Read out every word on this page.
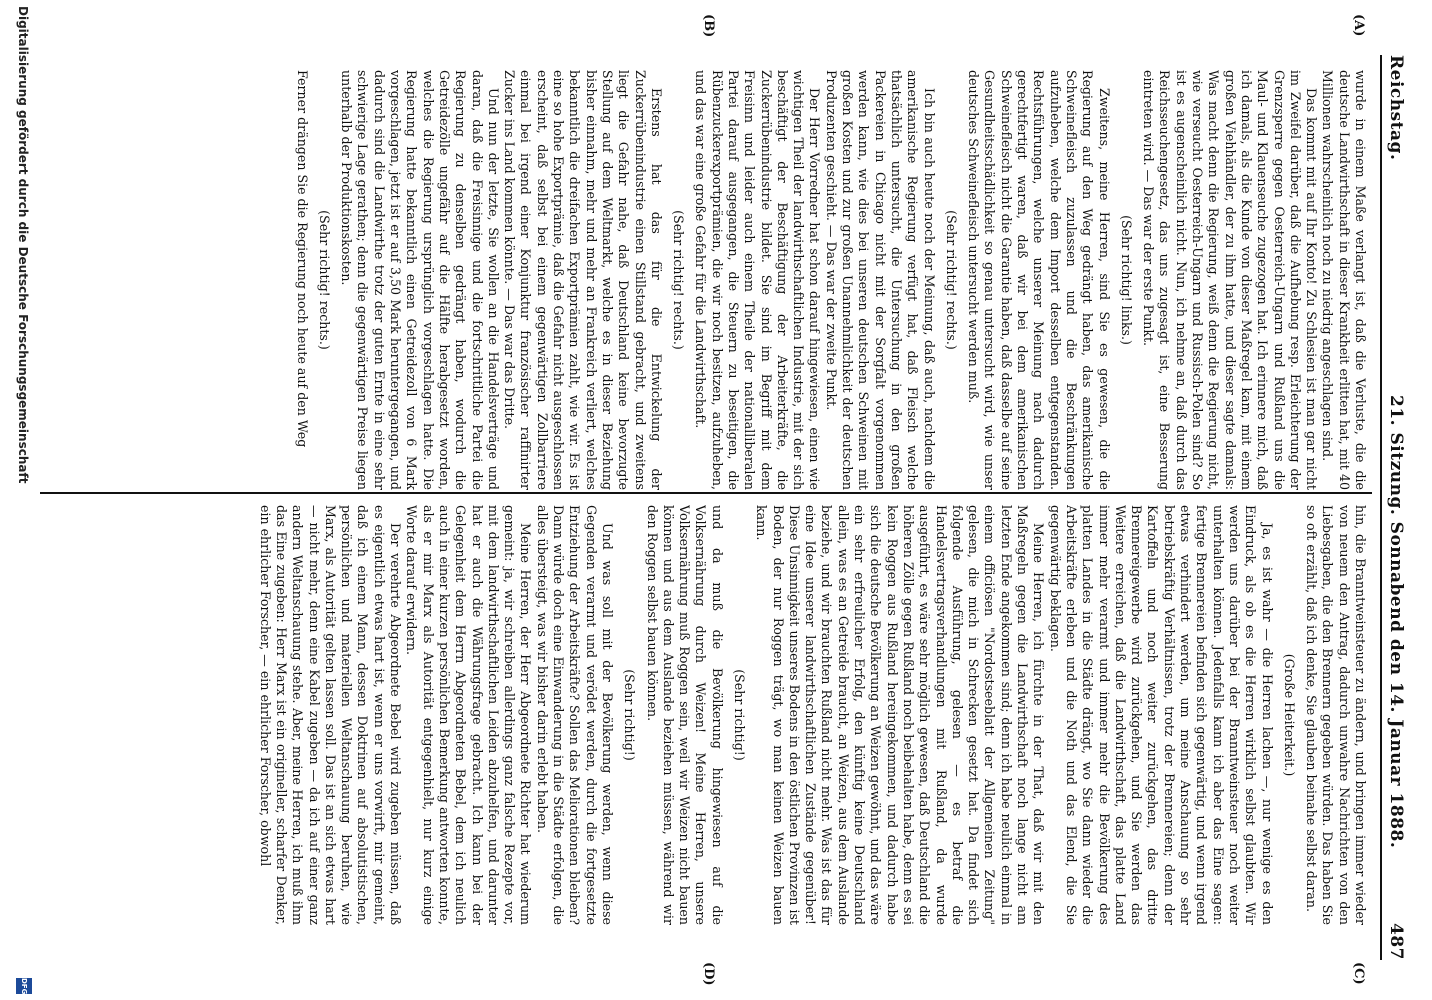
Reichstag.
21. Sitzung. Sonnabend den 14. Januar 1888.
487
(A)
(B)
(C)
(D)

wurde in einem Maße verlangt ist, daß die Verluste, die die deutsche Landwirthschaft in dieser Krankheit erlitten hat, mit 40 Millionen wahrscheinlich noch zu niedrig angeschlagen sind.

Das kommt mit auf Ihr Konto! Zu Schlesien ist man gar nicht im Zweifel darüber, daß die Aufhebung resp. Erleichterung der Grenzsperre gegen Oesterreich-Ungarn und Rußland uns die Maul- und Klauenseuche zugezogen hat. Ich erinnere mich, daß ich damals, als die Kunde von dieser Maßregel kam, mit einem großen Viehhändler, der zu ihm hatte, und dieser sagte damals: Was macht denn die Regierung, weiß denn die Regierung nicht, wie verseucht Oesterreich-Ungarn und Russisch-Polen sind? So ist es augenscheinlich nicht. Nun, ich nehme an, daß durch das Reichsseuchengesetz, das uns zugesagt ist, eine Besserung eintreten wird. — Das war der erste Punkt.

(Sehr richtig! links.)

Zweitens, meine Herren, sind Sie es gewesen, die die Regierung auf den Weg gedrängt haben, das amerikanische Schweinefleisch zuzulassen und die Beschränkungen aufzuheben, welche dem Import desselben entgegenstanden. Rechtsführungen, welche unserer Meinung nach dadurch gerechtfertigt waren, daß wir bei dem amerikanischen Schweinefleisch nicht die Garantie haben, daß dasselbe auf seine Gesundheitsschädlichkeit so genau untersucht wird, wie unser deutsches Schweinefleisch untersucht werden muß.

(Sehr richtig! rechts.)

Ich bin auch heute noch der Meinung, daß auch, nachdem die amerikanische Regierung verfügt hat, daß Fleisch welche thatsächlich untersucht, die Untersuchung in den großen Packereien in Chicago nicht mit der Sorgfalt vorgenommen werden kann, wie dies bei unseren deutschen Schweinen mit großen Kosten und zur großen Unannehmlichkeit der deutschen Produzenten geschieht. — Das war der zweite Punkt.

Der Herr Vorredner hat schon darauf hingewiesen, einen wie wichtigen Theil der landwirthschaftlichen Industrie, mit der sich beschäftigt der Beschäftigung der Arbeiterkräfte, die Zuckerrübenindustrie bildet. Sie sind im Begriff mit dem Freisinn und leider auch einem Theile der nationalliberalen Partei darauf ausgegangen, die Steuern zu beseitigen, die Rübenzuckerexportprämien, die wir noch besitzen, aufzuheben, und das war eine große Gefahr für die Landwirthschaft.

(Sehr richtig! rechts.)

Erstens hat das für die Entwickelung der Zuckerrübenindustrie einen Stillstand gebracht, und zweitens liegt die Gefahr nahe, daß Deutschland keine bevorzugte Stellung auf dem Weltmarkt, welche es in dieser Beziehung bisher einnahm, mehr und mehr an Frankreich verliert, welches bekanntlich die dreifachen Exportprämien zahlt, wie wir. Es ist eine so hohe Exportprämie, daß die Gefahr nicht ausgeschlossen erscheint, daß selbst bei einem gegenwärtigen Zollbarriere einmal bei irgend einer Konjunktur französischer raffinirter Zucker ins Land kommen könnte. — Das war das Dritte.

Und nun der letzte, Sie wollen an die Handelsverträge und daran, daß die Freisinnige und die fortschrittliche Partei die Regierung zu denselben gedrängt haben, wodurch die Getreidezölle ungefähr auf die Hälfte herabgesetzt worden, welches die Regierung ursprünglich vorgeschlagen hatte. Die Regierung hatte bekanntlich einen Getreidezoll von 6 Mark vorgeschlagen, jetzt ist er auf 3,50 Mark heruntergegangen, und dadurch sind die Landwirthe trotz der guten Ernte in eine sehr schwierige Lage gerathen; denn die gegenwärtigen Preise liegen unterhalb der Produktionskosten.

(Sehr richtig! rechts.)

Ferner drängen Sie die Regierung noch heute auf den Weg

hin, die Branntweinsteuer zu ändern, und bringen immer wieder von neuem den Antrag, dadurch unwahre Nachrichten von den Liebesgaben, die den Brennern gegeben würden. Das haben Sie so oft erzählt, daß ich denke, Sie glauben beinahe selbst daran.

(Große Heiterkeit.)

Ja, es ist wahr — die Herren lachen —, nur wenige es den Eindruck, als ob es die Herren wirklich selbst glaubten. Wir werden uns darüber bei der Branntweinsteuer noch weiter unterhalten können. Jedenfalls kann ich aber das Eine sagen: fertige Brennereien befinden sich gegenwärtig, und wenn irgend etwas verhindert werden, um meine Anschauung so sehr betriebskräftig Verhältnissen, trotz der Brennereien; denn der Kartoffeln und noch weiter zurückgehen, das dritte Brennereigewerbe wird zurückgehen, und Sie werden das Weitere erreichen, daß die Landwirthschaft, das platte Land immer mehr verarmt und immer mehr die Bevölkerung des platten Landes in die Städte drängt, wo Sie dann wieder die Arbeitskräfte erleben und die Noth und das Elend, die Sie gegenwärtig beklagen.

Meine Herren, ich fürchte in der That, daß wir mit den Maßregeln gegen die Landwirthschaft noch lange nicht am letzten Ende angekommen sind; denn ich habe neulich einmal in einem officiösen "Nordostseeblatt der Allgemeinen Zeitung" gelesen, die mich in Schrecken gesetzt hat. Da findet sich folgende Ausführung, gelesen — es betraf die Handelsvertragsverhandlungen mit Rußland, da wurde ausgeführt, es wäre sehr möglich gewesen, daß Deutschland die höheren Zölle gegen Rußland noch beibehalten habe, denn es sei kein Roggen aus Rußland hereingekommen, und dadurch habe sich die deutsche Bevölkerung an Weizen gewöhnt, und das wäre ein sehr erfreulicher Erfolg, den künftig keine Deutschland allein, was es an Getreide braucht, an Weizen, aus dem Auslande beziehe, und wir brauchten Rußland nicht mehr. Was ist das für eine Idee unserer landwirthschaftlichen Zustände gegenüber! Diese Unsinnigkeit unseres Bodens in den östlichen Provinzen ist Boden, der nur Roggen trägt, wo man keinen Weizen bauen kann.

(Sehr richtig!)

und da muß die Bevölkerung hingewiesen auf die Volksernährung durch Weizen! Meine Herren, unsere Volksernährung muß Roggen sein, weil wir Weizen nicht bauen können und aus dem Auslande beziehen müssen, während wir den Roggen selbst bauen können.

(Sehr richtig!)

Und was soll mit der Bevölkerung werden, wenn diese Gegenden verarmt und verödet werden, durch die fortgesetzte Entziehung der Arbeitskräfte? Sollen das Meliorationen bleiben? Dann würde doch eine Einwanderung in die Städte erfolgen, die alles übersteigt, was wir bisher darin erlebt haben.

Meine Herren, der Herr Abgeordnete Richter hat wiederum gemeint: ja, wir schreiben allerdings ganz falsche Rezepte vor, mit dem landwirthschaftlichen Leiden abzuhelfen, und darunter hat er auch die Währungsfrage gebracht. Ich kann bei der Gelegenheit dem Herrn Abgeordneten Bebel, dem ich neulich auch in einer kurzen persönlichen Bemerkung antworten konnte, als er mir Marx als Autorität entgegenhielt, nur kurz einige Worte darauf erwidern.

Der verehrte Abgeordnete Bebel wird zugeben müssen, daß es eigentlich etwas hart ist, wenn er uns vorwirft, mir gemeint, daß ich einem Mann, dessen Doktrinen auf absolutistischen, persönlichen und materiellen Weltanschauung beruhen, wie Marx, als Autorität gelten lassen soll. Das ist an sich etwas hart — nicht mehr, denn eine Kabel zugeben — da ich auf einer ganz andern Weltanschauung stehe. Aber, meine Herren, ich muß ihm das Eine zugeben: Herr Marx ist ein origineller, scharfer Denker, ein ehrlicher Forscher, — ein ehrlicher Forscher, obwohl

Digitalisierung gefördert durch die Deutsche Forschungsgemeinschaft
DFG
